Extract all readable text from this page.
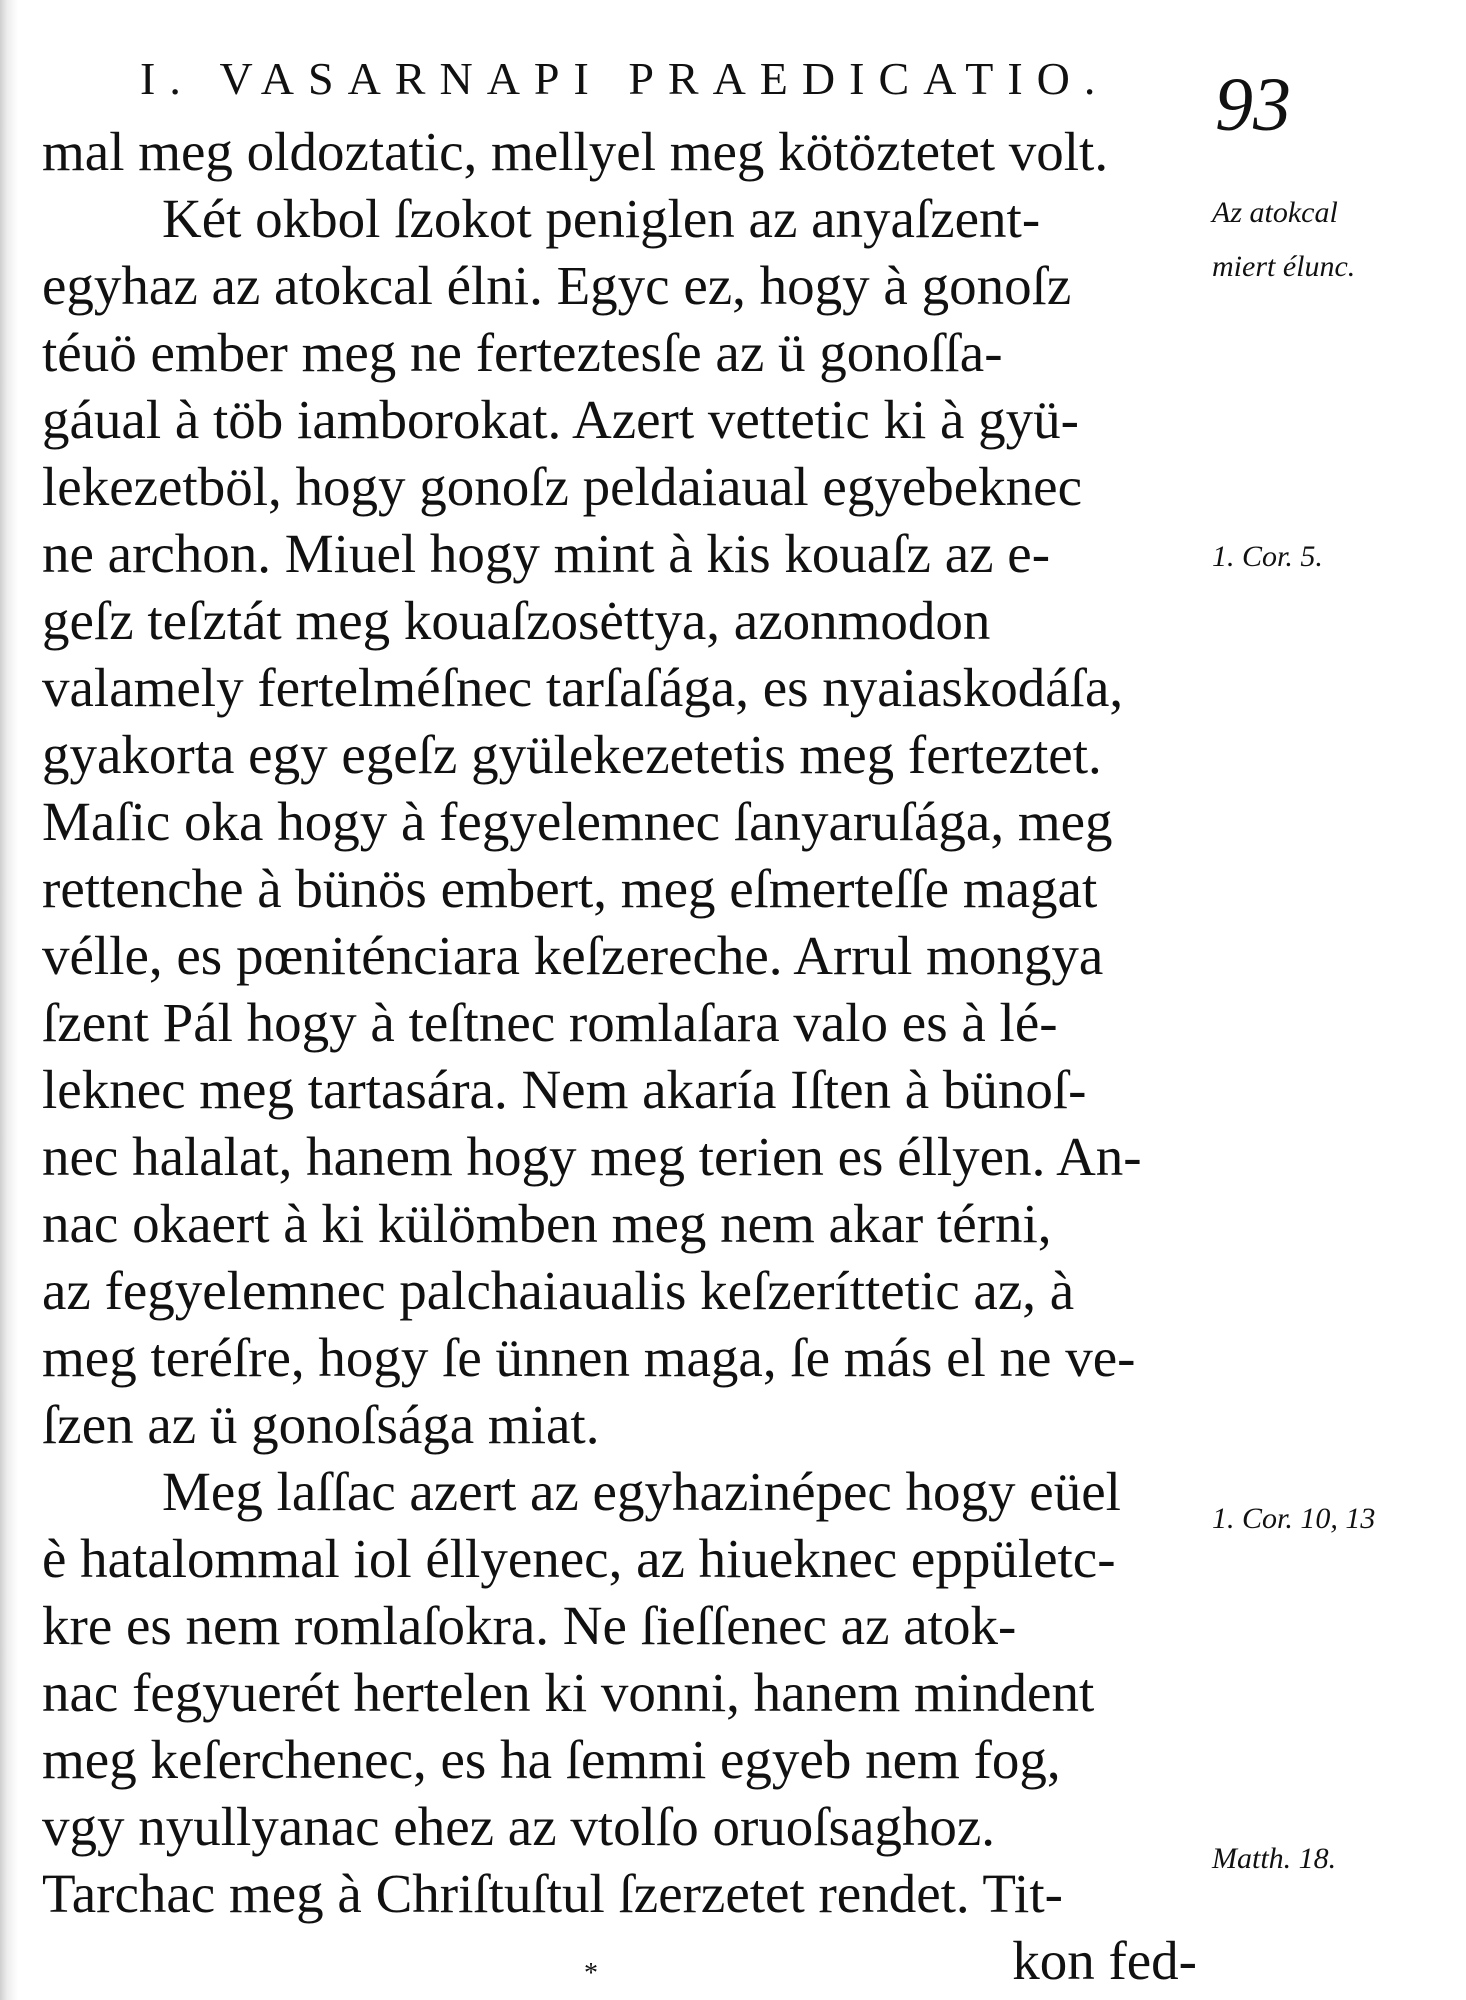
I. VASARNAPI PRAEDICATIO. 93
mal meg oldoztatic, mellyel meg kötöztetet volt.
Két okbol ſzokot peniglen az anyaſzent-
egyhaz az atokcal élni. Egyc ez, hogy à gonoſz
téuö ember meg ne ferteztesſe az ü gonoſſa-
gáual à töb iamborokat. Azert vettetic ki à gyü-
lekezetböl, hogy gonoſz peldaiaual egyebeknec
ne archon. Miuel hogy mint à kis kouaſz az e-
geſz teſztát meg kouaſzosėttya, azonmodon
valamely fertelméſnec tarſaſága, es nyaiaskodáſa,
gyakorta egy egeſz gyülekezetetis meg ferteztet.
Maſic oka hogy à fegyelemnec ſanyaruſága, meg
rettenche à bünös embert, meg eſmerteſſe magat
vélle, es pœniténciara keſzereche. Arrul mongya
ſzent Pál hogy à teſtnec romlaſara valo es à lé-
leknec meg tartasára. Nem akaría Iſten à bünoſ-
nec halalat, hanem hogy meg terien es éllyen. An-
nac okaert à ki külömben meg nem akar térni,
az fegyelemnec palchaiaualis keſzeríttetic az, à
meg teréſre, hogy ſe ünnen maga, ſe más el ne ve-
ſzen az ü gonoſsága miat.
Meg laſſac azert az egyhazinépec hogy eüel
è hatalommal iol éllyenec, az hiueknec eppületc-
kre es nem romlaſokra. Ne ſieſſenec az atok-
nac fegyuerét hertelen ki vonni, hanem mindent
meg keſerchenec, es ha ſemmi egyeb nem fog,
vgy nyullyanac ehez az vtolſo oruoſsaghoz.
Tarchac meg à Chriſtuſtul ſzerzetet rendet. Tit-
kon fed-
Az atokcal
miert élunc.
1. Cor. 5.
1. Cor. 10, 13
Matth. 18.
*
